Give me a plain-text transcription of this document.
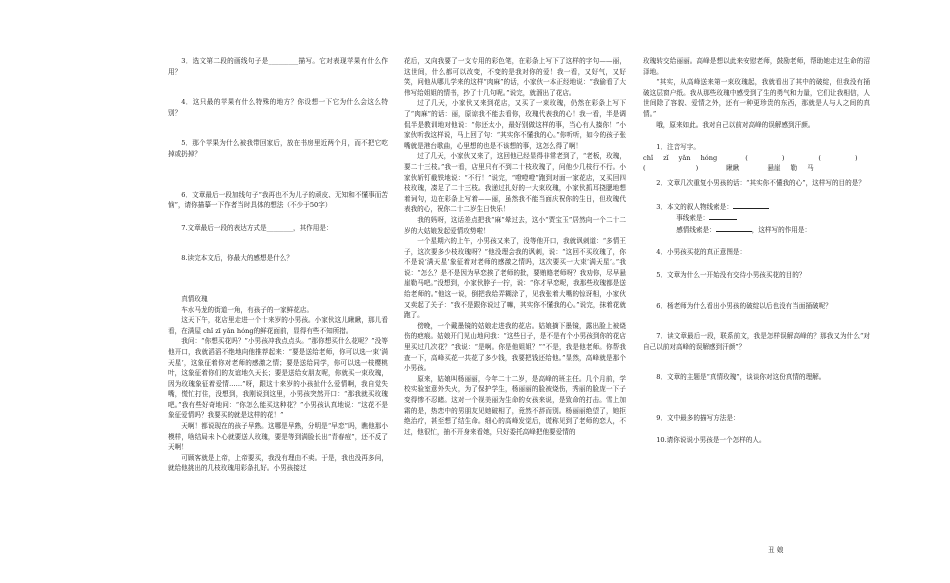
3．选文第二段的画线句子是_________描写。它对表现苹果有什么作用？

4．这只最的苹果有什么特殊的地方？你设想一下它为什么会这么特别？

5．那个苹果为什么被我带回家后，放在书房里近两个月，而不把它吃掉或扔掉？

6．文章最后一段加线句子“我再也不为儿子的顽皮、无知和不懂事而苦恼”，请你描摹一下作者当时具体的想法（不少于50字）

7.文章最后一段的表达方式是________，其作用是：

8.读完本文后，你最大的感想是什么？

真情玫瑰

车水马龙的街道一角，有孩子的一家鲜花店。

这天下午，花店里走进一个十来岁的小男孩。小家伙这儿瞅瞅，那儿看看，在满屋 chǐ zī yǎn hóng的鲜花面前，显得有些不知所措。

我问：“你想买花吗？”小男孩冲我点点头。“那你想买什么花呢？”没等他开口，我就滔滔不绝地向他推荐起来：“要是送给老师，你可以选一束‘满天星’，这象征着你对老师的感激之情；要是送给同学，你可以选一枝樱桃叶，这象征着你们的友谊地久天长；要是送给女朋友呢，你就买一束玫瑰，因为玫瑰象征着爱情……”呀，跟这十来岁的小孩扯什么爱情啊，我自觉失嘴，慌忙打住，没想到，我刚说到这里，小男孩突然开口：“那我就买玫瑰吧。”我有些好奇地问：“你怎么能买这种花？”小男孩认真地说：“这花不是象征爱情吗？我要买的就是这样的花！”

天啊！都说现在的孩子早熟。这哪是早熟，分明是“早恋”吗，瞧他那小模样，啥结局未卜心就要送人玫瑰，要是等到满脸长出“青春痘”，还不反了天啊！

可顾客就是上帝，上帝要买，我没有理由不卖。于是，我也没再多问，就给他挑出的几枝玫瑰用彩条扎好。小男孩接过

花后，又向我要了一支专用的彩色笔，在彩条上写下了这样的字句——丽，这世间，什么都可以改变，不变的是我对你的爱！我一看，又好气，又好笑，问他从哪儿学来的这样“肉麻”的话，小家伙一本正经地说：“我偷看了大伟写给姐姐的情书，抄了十几句呢。”说完，就溜出了花店。

过了几天，小家伙又来到花店，又买了一束玫瑰，仍然在彩条上写下了“肉麻”的话：丽，原谅我不能去看你，玫瑰代表我的心！我一看，半是调侃半是教训地对他说：“你还太小，最好别做这样的事，当心有人揍你！”小家伙听我这样说，马上回了句：“其实你不懂我的心。”你听听，如今的孩子张嘴就是港台歌曲，心里想的也是不该想的事，这怎么得了啊！

过了几天，小家伙又来了，这回他已经显得非常老到了，“老板，玫瑰，要二十三枝。”我一看，店里只有不到二十枝玫瑰了，问他少几枝行不行。小家伙斩钉截铁地说：“不行！”说完，“噔噔噔”跑到对面一家花店，又买回四枝玫瑰，凑足了二十三枝。我递过扎好的一大束玫瑰，小家伙抓耳挠腮地想着词句，边在彩条上写着——丽，虽然我不能当面庆祝你的生日，但玫瑰代表我的心，祝你二十二岁生日快乐！

我的妈呀，这话差点把我“麻”晕过去，这小“贾宝玉”居然向一个二十二岁的大姑娘发起爱情攻势啦！

一个星期六的上午，小男孩又来了，没等他开口，我就讽刺道：“多情王子，这次要多少枝玫瑰呀？”他没理会我的讽刺，说：“这回不买玫瑰了，你不是说‘满天星’象征着对老师的感激之情吗，这次要买一大束‘满天星’。”我说：“怎么？是不是因为早恋挨了老师的批，要贿赂老师呀？我劝你，尽早悬崖勒马吧。”没想到，小家伙脖子一拧，说：“你才早恋呢，我那些玫瑰都是送给老师的。”他这一说，倒把我给弄糊涂了，见我张着大嘴的惊讶相，小家伙又卖起了关子：“我不是跟你说过了嘛，其实你不懂我的心。”说完，抹着花就跑了。

傍晚，一个戴墨镜的姑娘走进我的花店。姑娘摘下墨镜，露出脸上被烧伤的疤痕。姑娘开门见山地问我：“这些日子，是不是有个小男孩到你的花店里买过几次花？”我说：“是啊。你是他姐姐？”“不是，我是他老师。你帮我查一下，高峰买花一共花了多少钱，我要把钱还给他。”显然，高峰就是那个小男孩。

原来，姑娘叫杨丽丽，今年二十二岁，是高峰的班主任。几个月前，学校实验室意外失火，为了保护学生，杨丽丽的脸被烧伤，秀丽的脸庞一下子变得惨不忍睹。这对一个视美丽为生命的女孩来说，是致命的打击。雪上加霜的是，热恋中的男朋友见她破相了，竟然不辞而别。杨丽丽绝望了，她拒绝治疗，甚至想了结生命。细心的高峰发觉后，谎称见到了老师的恋人，不过，他很忙，抽不开身来看她，只好委托高峰把他要爱情的

玫瑰转交给丽丽。高峰是想以此来安慰老师，鼓励老师，帮助她走过生命的沼泽地。

“其实，从高峰送来第一束玫瑰起，我就看出了其中的破绽，但我没有捅破这层窗户纸。我从那些玫瑰中感受到了生的勇气和力量，它们让我相信，人世间除了容貌、爱情之外，还有一种更珍贵的东西，那就是人与人之间的真情。”

哦，原来如此。我对自己以前对高峰的误解感到汗颜。

1．注音写字。

chǐ zǐ yǎn hóng	(	)	(	)
(	)	瞅瞅	悬崖 勒 马

2．文章几次重复小男孩的话：“其实你不懂我的心”，这样写的目的是？

3．本文的叙人物线索是：

事线索是：

感情线索是：	，这样写的作用是：

4．小男孩买花的真正意图是：

5．文章为什么一开始没有交待小男孩买花的目的？

6．杨老师为什么看出小男孩的破绽以后也没有当面捅破呢？

7．读文章最后一段，联系前文，我是怎样误解高峰的？那我又为什么“对自己以前对高峰的误解感到汗颜”？

8．文章的主题是“真情玫瑰”，谈谈你对这份真情的理解。

9．文中最多的描写方法是：

10.请你说说小男孩是一个怎样的人。

丑 娘
